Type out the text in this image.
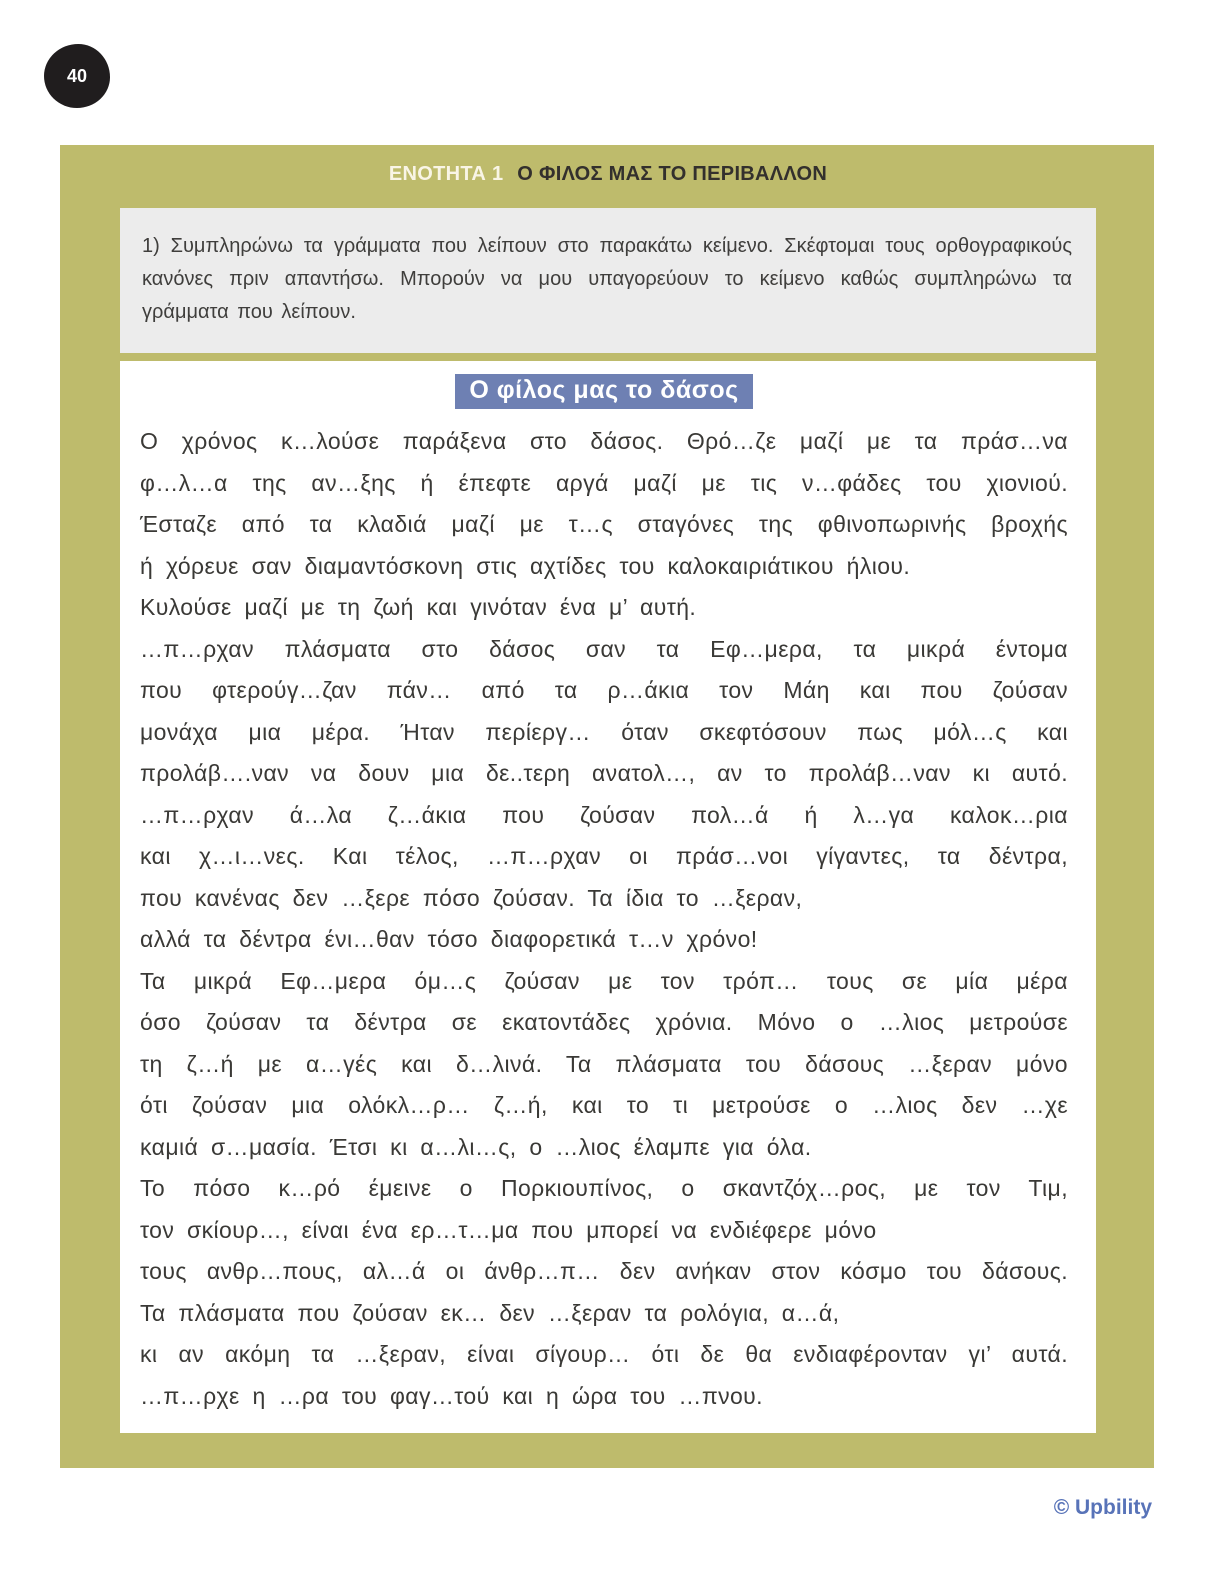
40
ΕΝΟΤΗΤΑ 1 Ο ΦΙΛΟΣ ΜΑΣ ΤΟ ΠΕΡΙΒΑΛΛΟΝ

1) Συμπληρώνω τα γράμματα που λείπουν στο παρακάτω κείμενο. Σκέφτομαι τους ορθογραφικούς κανόνες πριν απαντήσω. Μπορούν να μου υπαγορεύουν το κείμενο καθώς συμπληρώνω τα γράμματα που λείπουν.

Ο φίλος μας το δάσος
Ο χρόνος κ…λούσε παράξενα στο δάσος. Θρό…ζε μαζί με τα πράσ…να
φ…λ…α της αν…ξης ή έπεφτε αργά μαζί με τις ν…φάδες του χιονιού.
Έσταζε από τα κλαδιά μαζί με τ…ς σταγόνες της φθινοπωρινής βροχής
ή χόρευε σαν διαμαντόσκονη στις αχτίδες του καλοκαιριάτικου ήλιου.
Κυλούσε μαζί με τη ζωή και γινόταν ένα μ’ αυτή.
…π…ρχαν πλάσματα στο δάσος σαν τα Εφ…μερα, τα μικρά έντομα
που φτερούγ…ζαν πάν… από τα ρ…άκια τον Μάη και που ζούσαν
μονάχα μια μέρα. Ήταν περίεργ… όταν σκεφτόσουν πως μόλ…ς και
προλάβ….ναν να δουν μια δε..τερη ανατολ…, αν το προλάβ…ναν κι αυτό.
…π…ρχαν ά…λα ζ…άκια που ζούσαν πολ…ά ή λ…γα καλοκ…ρια
και χ…ι…νες. Και τέλος, …π…ρχαν οι πράσ…νοι γίγαντες, τα δέντρα,
που κανένας δεν …ξερε πόσο ζούσαν. Τα ίδια το …ξεραν,
αλλά τα δέντρα ένι…θαν τόσο διαφορετικά τ…ν χρόνο!
Τα μικρά Εφ…μερα όμ…ς ζούσαν με τον τρόπ… τους σε μία μέρα
όσο ζούσαν τα δέντρα σε εκατοντάδες χρόνια. Μόνο ο …λιος μετρούσε
τη ζ…ή με α…γές και δ…λινά. Τα πλάσματα του δάσους …ξεραν μόνο
ότι ζούσαν μια ολόκλ…ρ… ζ…ή, και το τι μετρούσε ο …λιος δεν …χε
καμιά σ…μασία. Έτσι κι α…λι…ς, ο …λιος έλαμπε για όλα.
Το πόσο κ…ρό έμεινε ο Πορκιουπίνος, ο σκαντζόχ…ρος, με τον Τιμ,
τον σκίουρ…, είναι ένα ερ…τ…μα που μπορεί να ενδιέφερε μόνο
τους ανθρ…πους, αλ…ά οι άνθρ…π… δεν ανήκαν στον κόσμο του δάσους.
Τα πλάσματα που ζούσαν εκ… δεν …ξεραν τα ρολόγια, α…ά,
κι αν ακόμη τα …ξεραν, είναι σίγουρ… ότι δε θα ενδιαφέρονταν γι’ αυτά.
…π…ρχε η …ρα του φαγ…τού και η ώρα του …πνου.
© Upbility
